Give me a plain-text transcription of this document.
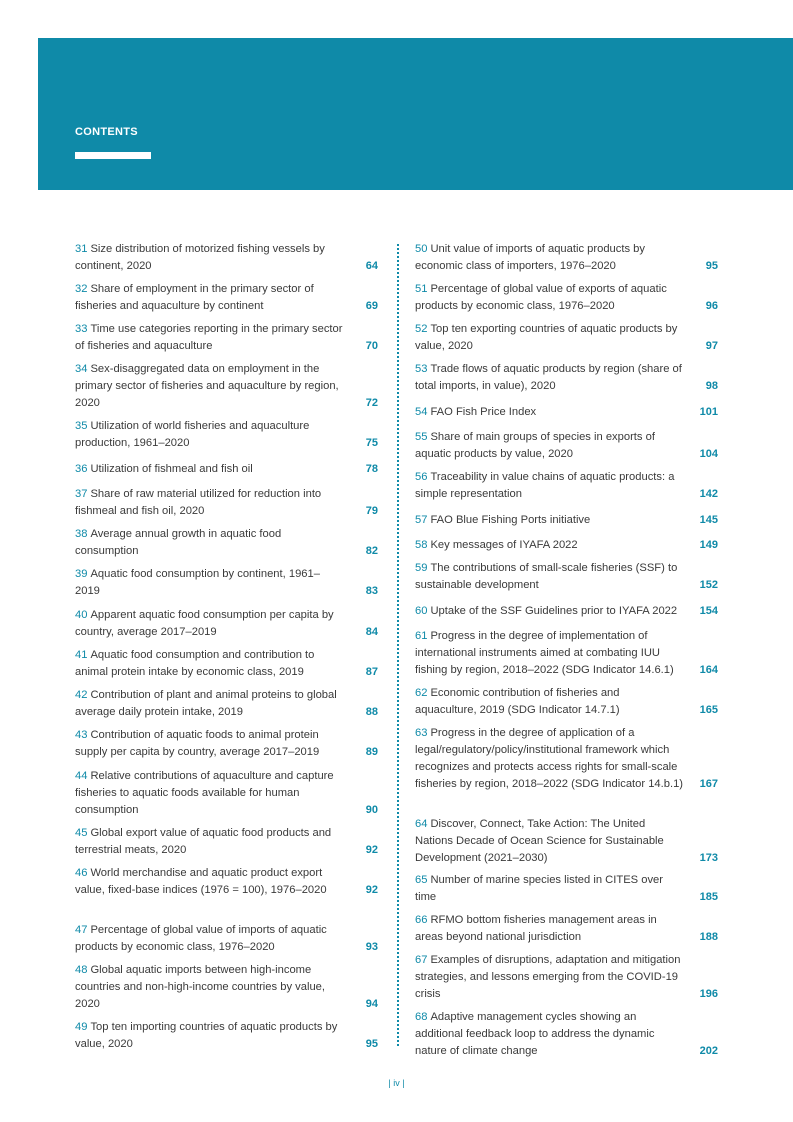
CONTENTS
31 Size distribution of motorized fishing vessels by continent, 2020	64
32 Share of employment in the primary sector of fisheries and aquaculture by continent	69
33 Time use categories reporting in the primary sector of fisheries and aquaculture	70
34 Sex-disaggregated data on employment in the primary sector of fisheries and aquaculture by region, 2020	72
35 Utilization of world fisheries and aquaculture production, 1961–2020	75
36 Utilization of fishmeal and fish oil	78
37 Share of raw material utilized for reduction into fishmeal and fish oil, 2020	79
38 Average annual growth in aquatic food consumption	82
39 Aquatic food consumption by continent, 1961–2019	83
40 Apparent aquatic food consumption per capita by country, average 2017–2019	84
41 Aquatic food consumption and contribution to animal protein intake by economic class, 2019	87
42 Contribution of plant and animal proteins to global average daily protein intake, 2019	88
43 Contribution of aquatic foods to animal protein supply per capita by country, average 2017–2019	89
44 Relative contributions of aquaculture and capture fisheries to aquatic foods available for human consumption	90
45 Global export value of aquatic food products and terrestrial meats, 2020	92
46 World merchandise and aquatic product export value, fixed-base indices (1976 = 100), 1976–2020	92
47 Percentage of global value of imports of aquatic products by economic class, 1976–2020	93
48 Global aquatic imports between high-income countries and non-high-income countries by value, 2020	94
49 Top ten importing countries of aquatic products by value, 2020	95
50 Unit value of imports of aquatic products by economic class of importers, 1976–2020	95
51 Percentage of global value of exports of aquatic products by economic class, 1976–2020	96
52 Top ten exporting countries of aquatic products by value, 2020	97
53 Trade flows of aquatic products by region (share of total imports, in value), 2020	98
54 FAO Fish Price Index	101
55 Share of main groups of species in exports of aquatic products by value, 2020	104
56 Traceability in value chains of aquatic products: a simple representation	142
57 FAO Blue Fishing Ports initiative	145
58 Key messages of IYAFA 2022	149
59 The contributions of small-scale fisheries (SSF) to sustainable development	152
60 Uptake of the SSF Guidelines prior to IYAFA 2022 154
61 Progress in the degree of implementation of international instruments aimed at combating IUU fishing by region, 2018–2022 (SDG Indicator 14.6.1) 164
62 Economic contribution of fisheries and aquaculture, 2019 (SDG Indicator 14.7.1)	165
63 Progress in the degree of application of a legal/regulatory/policy/institutional framework which recognizes and protects access rights for small-scale fisheries by region, 2018–2022 (SDG Indicator 14.b.1) 167
64 Discover, Connect, Take Action: The United Nations Decade of Ocean Science for Sustainable Development (2021–2030)	173
65 Number of marine species listed in CITES over time	185
66 RFMO bottom fisheries management areas in areas beyond national jurisdiction	188
67 Examples of disruptions, adaptation and mitigation strategies, and lessons emerging from the COVID-19 crisis	196
68 Adaptive management cycles showing an additional feedback loop to address the dynamic nature of climate change	202
| iv |
